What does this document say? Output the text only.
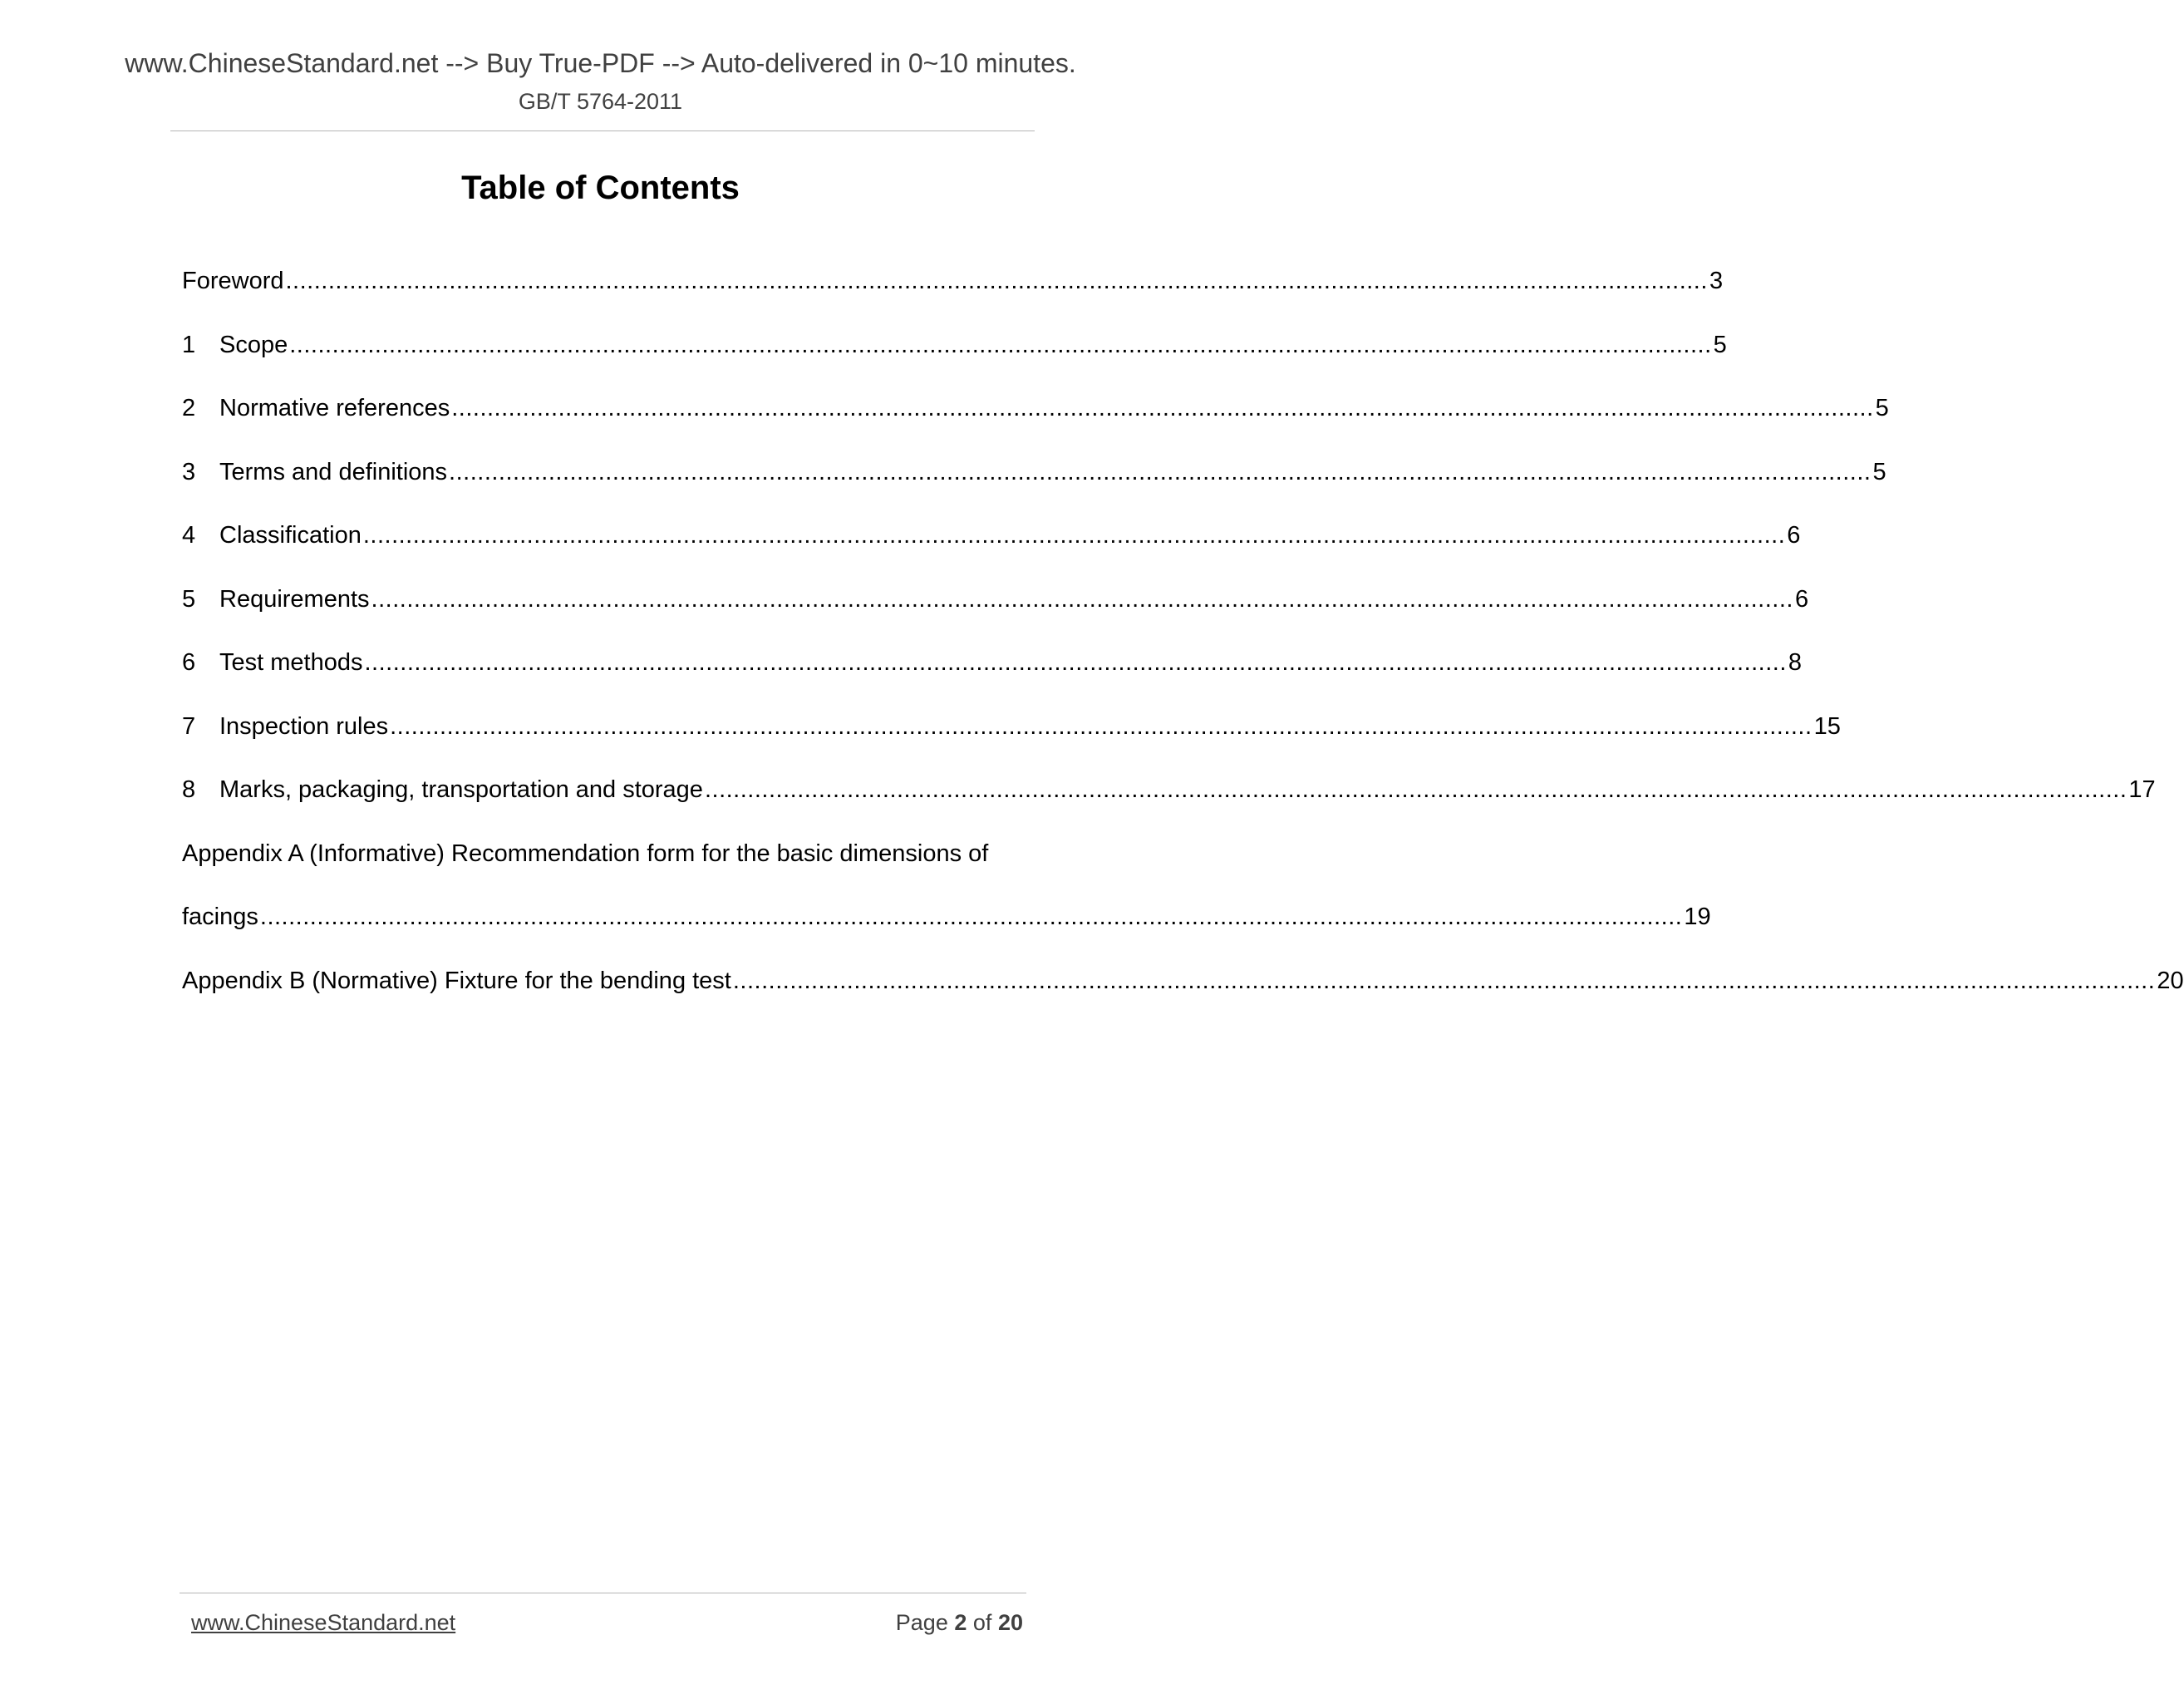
www.ChineseStandard.net --> Buy True-PDF --> Auto-delivered in 0~10 minutes.
GB/T 5764-2011
Table of Contents
Foreword ........................................................................................................................................................................................................ 3
1 Scope ........................................................................................................................................................................................................ 5
2 Normative references ........................................................................................................................................................................................................ 5
3 Terms and definitions ........................................................................................................................................................................................................ 5
4 Classification ........................................................................................................................................................................................................ 6
5 Requirements ........................................................................................................................................................................................................ 6
6 Test methods ........................................................................................................................................................................................................ 8
7 Inspection rules ........................................................................................................................................................................................................ 15
8 Marks, packaging, transportation and storage ........................................................................................................................................................................................................ 17
Appendix A (Informative) Recommendation form for the basic dimensions of
facings ........................................................................................................................................................................................................ 19
Appendix B (Normative) Fixture for the bending test ........................................................................................................................................................................................................ 20
www.ChineseStandard.net	Page 2 of 20
